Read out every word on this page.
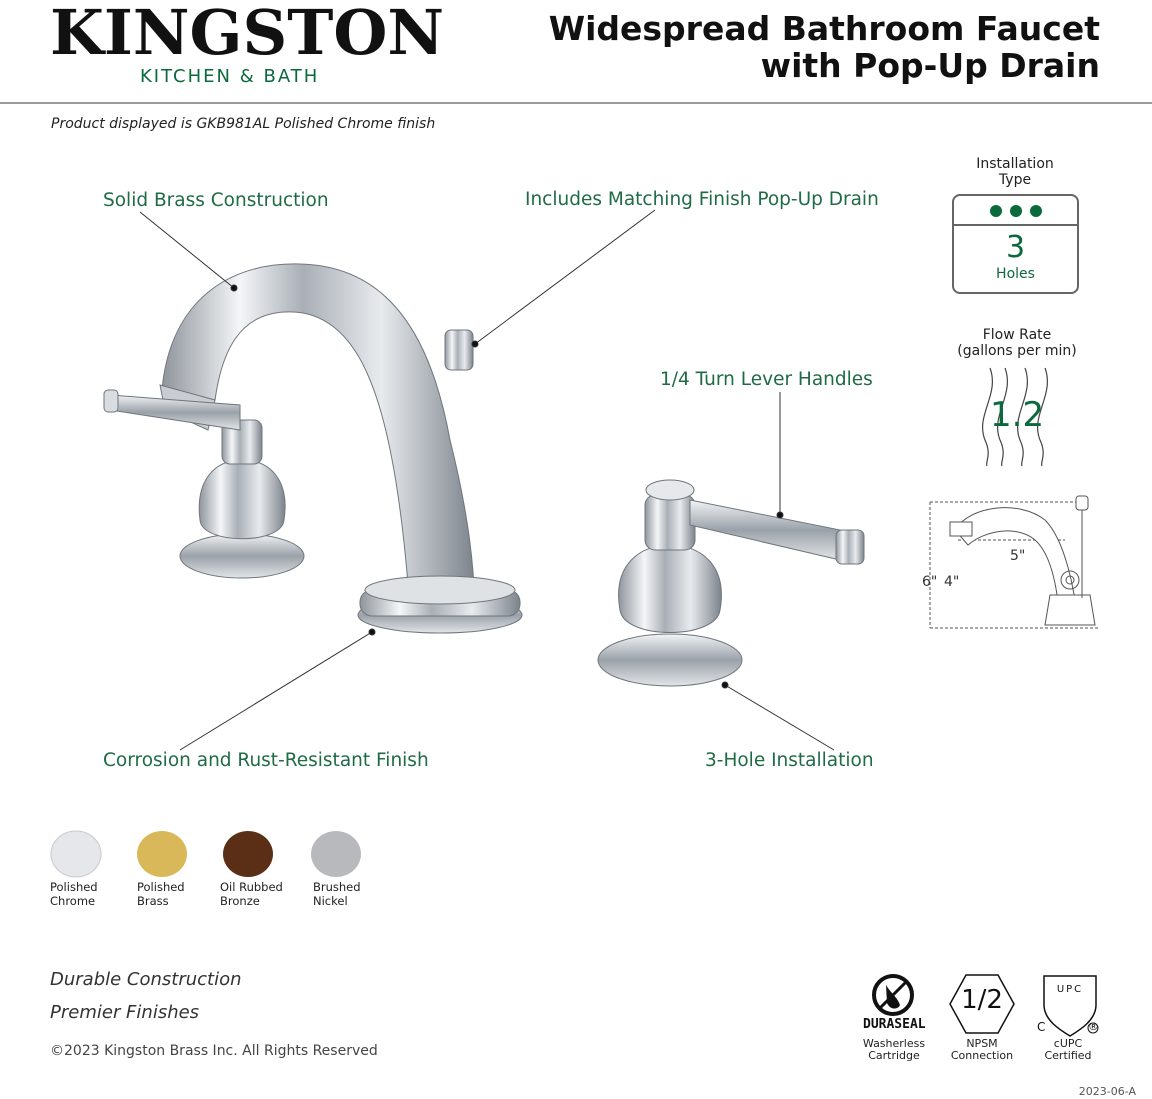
KINGSTON
KITCHEN & BATH
Widespread Bathroom Faucet
with Pop-Up Drain
Product displayed is GKB981AL Polished Chrome finish
Solid Brass Construction	Includes Matching Finish Pop-Up Drain
1/4 Turn Lever Handles
Corrosion and Rust-Resistant Finish	3-Hole Installation
Installation
Type
3
Holes
Flow Rate
(gallons per min)
1.2
5"
6" 4"
Polished
Chrome
Polished
Brass
Oil Rubbed
Bronze
Brushed
Nickel
Durable Construction
Premier Finishes
©2023 Kingston Brass Inc. All Rights Reserved
DURASEAL
Washerless
Cartridge
1/2
NPSM
Connection
UPC
C	®
cUPC
Certified
2023-06-A
